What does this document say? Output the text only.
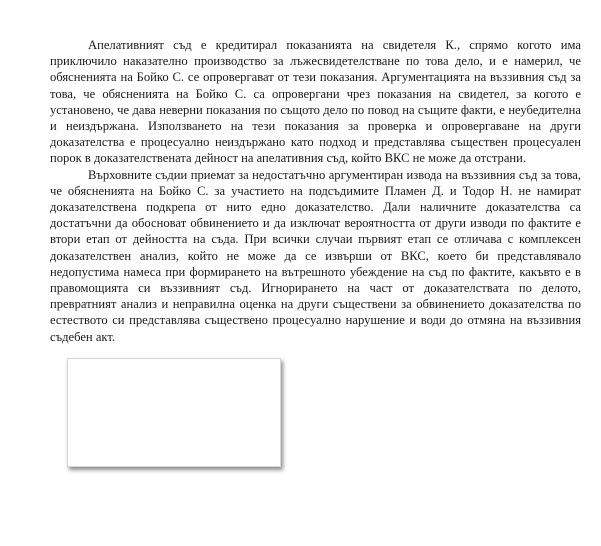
Апелативният съд е кредитирал показанията на свидетеля К., спрямо когото има приключило наказателно производство за лъжесвидетелстване по това дело, и е намерил, че обясненията на Бойко С. се опровергават от тези показания. Аргументацията на въззивния съд за това, че обясненията на Бойко С. са опровергани чрез показания на свидетел, за когото е установено, че дава неверни показания по същото дело по повод на същите факти, е неубедителна и неиздържана. Използването на тези показания за проверка и опровергаване на други доказателства е процесуално неиздържано като подход и представлява съществен процесуален порок в доказателствената дейност на апелативния съд, който ВКС не може да отстрани.

Върховните съдии приемат за недостатъчно аргументиран извода на въззивния съд за това, че обясненията на Бойко С. за участието на подсъдимите Пламен Д. и Тодор Н. не намират доказателствена подкрепа от нито едно доказателство. Дали наличните доказателства са достатъчни да обосноват обвинението и да изключат вероятността от други изводи по фактите е втори етап от дейността на съда. При всички случаи първият етап се отличава с комплексен доказателствен анализ, който не може да се извърши от ВКС, което би представлявало недопустима намеса при формирането на вътрешното убеждение на съд по фактите, какъвто е в правомощията си въззивният съд. Игнорирането на част от доказателствата по делото, превратният анализ и неправилна оценка на други съществени за обвинението доказателства по естеството си представлява съществено процесуално нарушение и води до отмяна на въззивния съдебен акт.
